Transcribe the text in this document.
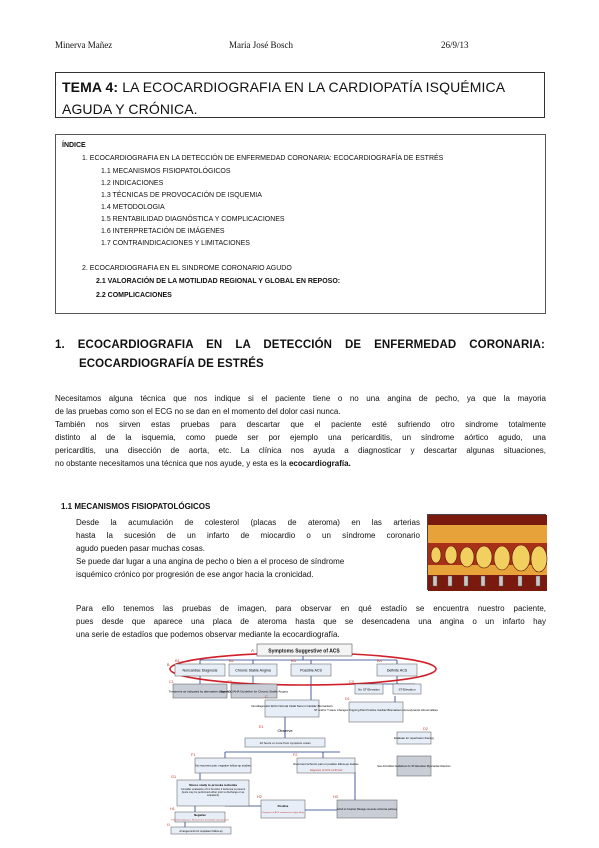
Minerva Mañez	María José Bosch	26/9/13
TEMA 4: LA ECOCARDIOGRAFIA EN LA CARDIOPATÍA ISQUÉMICA AGUDA Y CRÓNICA.
ÍNDICE
1. ECOCARDIOGRAFIA EN LA DETECCIÓN DE ENFERMEDAD CORONARIA: ECOCARDIOGRAFÍA DE ESTRÉS
1.1 MECANISMOS FISIOPATOLÓGICOS
1.2 INDICACIONES
1.3 TÉCNICAS DE PROVOCACIÓN DE ISQUEMIA
1.4 METODOLOGIA
1.5 RENTABILIDAD DIAGNÓSTICA Y COMPLICACIONES
1.6 INTERPRETACIÓN DE IMÁGENES
1.7 CONTRAINDICACIONES Y LIMITACIONES
2. ECOCARDIOGRAFIA EN EL SINDROME CORONARIO AGUDO
2.1 VALORACIÓN DE LA MOTILIDAD REGIONAL Y GLOBAL EN REPOSO:
2.2 COMPLICACIONES
1. ECOCARDIOGRAFIA EN LA DETECCIÓN DE ENFERMEDAD CORONARIA:
ECOCARDIOGRAFÍA DE ESTRÉS
Necesitamos alguna técnica que nos indique si el paciente tiene o no una angina de pecho, ya que la mayoria
de las pruebas como son el ECG no se dan en el momento del dolor casi nunca.
También nos sirven estas pruebas para descartar que el paciente esté sufriendo otro sindrome totalmente
distinto al de la isquemia, como puede ser por ejemplo una pericarditis, un síndrome aórtico agudo, una
pericarditis, una disección de aorta, etc. La clínica nos ayuda a diagnosticar y descartar algunas situaciones,
no obstante necesitamos una técnica que nos ayude, y esta es la ecocardiografía.
1.1 MECANISMOS FISIOPATOLÓGICOS
Desde la acumulación de colesterol (placas de ateroma) en las arterias
hasta la sucesión de un infarto de miocardio o un síndrome coronario
agudo pueden pasar muchas cosas.
Se puede dar lugar a una angina de pecho o bien a el proceso de síndrome
isquémico crónico por progresión de ese angor hacia la cronicidad.
Para ello tenemos las pruebas de imagen, para observar en qué estadío se encuentra nuestro paciente,
pues desde que aparece una placa de ateroma hasta que se desencadena una angina o un infarto hay
una serie de estadíos que podemos observar mediante la ecocardiografía.
Symptoms Suggestive of ACS
A
Noncardiac Diagnosis	Chronic Stable Angina	Possible ACS	Definite ACS
B1	B2	B3	B4
Treatment as indicated by alternative diagnosis
See ACC/AHA Guideline for Chronic Stable Angina	No ST-Elevation	ST-Elevation
C1	C2	C3
Nondiagnostic ECG Normal Initial Serum Cardiac Biomarkers
C
ST and/or T wave Changes Ongoing Pain Positive Cardiac Biomarkers Hemodynamic Abnormalities
D1
Evaluate for reperfusion therapy
D2
See ACC/AHA Guidelines for ST-Elevation Myocardial Infarction
Observe
E1
12 hours or more from symptom onset
No recurrent pain; negative follow-up studies
F1
Recurrent ischemic pain or positive follow-up studies
Diagnosis of ACS confirmed
F2
Stress study to provoke ischemia
Consider evaluation of LV function if ischemia is present (tests may be performed either prior to discharge or as outpatient)
G1
Negative
Potential Diagnoses: Nonischemic discomfort; low-risk ACS
H1
Positive
Diagnosis of ACS confirmed or highly likely
H2
Admit to hospital; Manage via acute ischemia pathway
H3
Arrangements for outpatient follow-up
I1
B
